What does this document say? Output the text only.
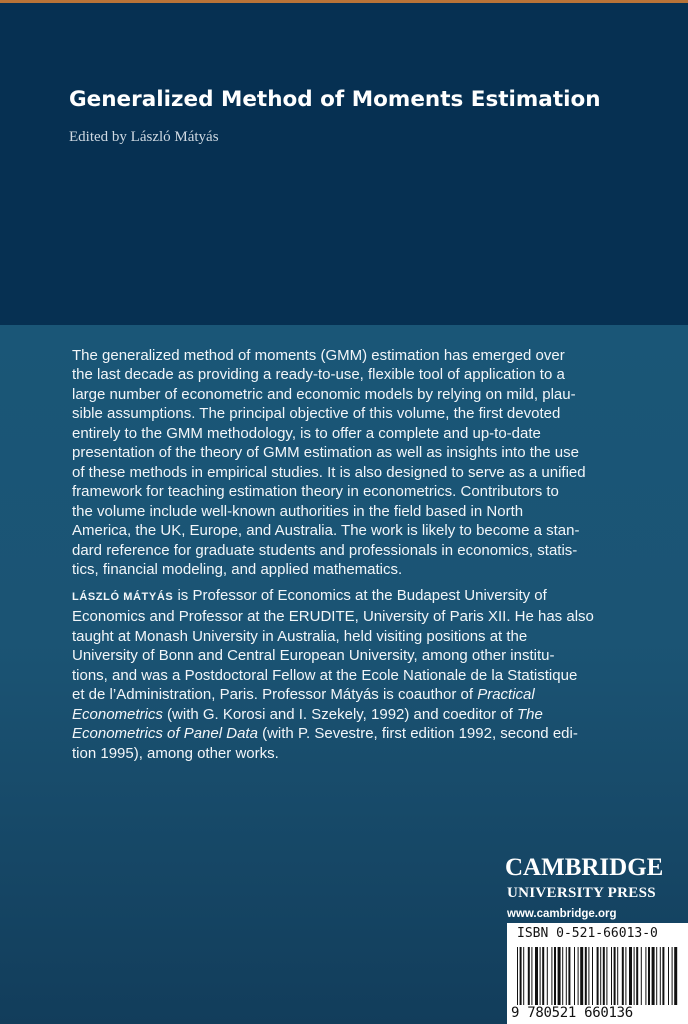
Generalized Method of Moments Estimation

Edited by László Mátyás

The generalized method of moments (GMM) estimation has emerged over
the last decade as providing a ready-to-use, flexible tool of application to a
large number of econometric and economic models by relying on mild, plau-
sible assumptions. The principal objective of this volume, the first devoted
entirely to the GMM methodology, is to offer a complete and up-to-date
presentation of the theory of GMM estimation as well as insights into the use
of these methods in empirical studies. It is also designed to serve as a unified
framework for teaching estimation theory in econometrics. Contributors to
the volume include well-known authorities in the field based in North
America, the UK, Europe, and Australia. The work is likely to become a stan-
dard reference for graduate students and professionals in economics, statis-
tics, financial modeling, and applied mathematics.
LÁSZLÓ MÁTYÁS is Professor of Economics at the Budapest University of
Economics and Professor at the ERUDITE, University of Paris XII. He has also
taught at Monash University in Australia, held visiting positions at the
University of Bonn and Central European University, among other institu-
tions, and was a Postdoctoral Fellow at the Ecole Nationale de la Statistique
et de l’Administration, Paris. Professor Mátyás is coauthor of Practical
Econometrics (with G. Korosi and I. Szekely, 1992) and coeditor of The
Econometrics of Panel Data (with P. Sevestre, first edition 1992, second edi-
tion 1995), among other works.

CAMBRIDGE

UNIVERSITY PRESS

www.cambridge.org

ISBN 0-521-66013-0

9 780521 660136
